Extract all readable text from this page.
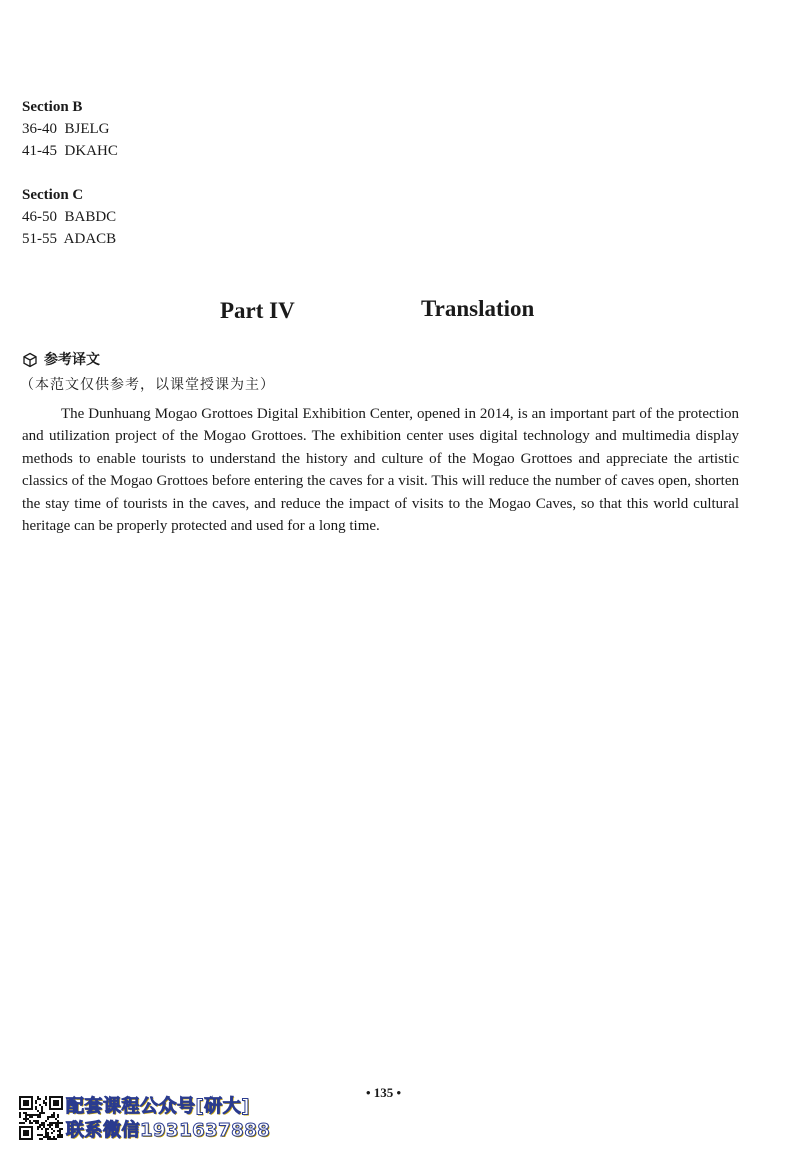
Section B
36-40  BJELG
41-45  DKAHC
Section C
46-50  BABDC
51-55  ADACB
Part IV	Translation
参考译文
（本范文仅供参考，以课堂授课为主）
The Dunhuang Mogao Grottoes Digital Exhibition Center, opened in 2014, is an important part of the protection and utilization project of the Mogao Grottoes. The exhibition center uses digital technology and multimedia display methods to enable tourists to understand the history and culture of the Mogao Grottoes and appreciate the artistic classics of the Mogao Grottoes before entering the caves for a visit. This will reduce the number of caves open, shorten the stay time of tourists in the caves, and reduce the impact of visits to the Mogao Caves, so that this world cultural heritage can be properly protected and used for a long time.
• 135 •
配套课程公众号[研大]
联系微信1931637888
